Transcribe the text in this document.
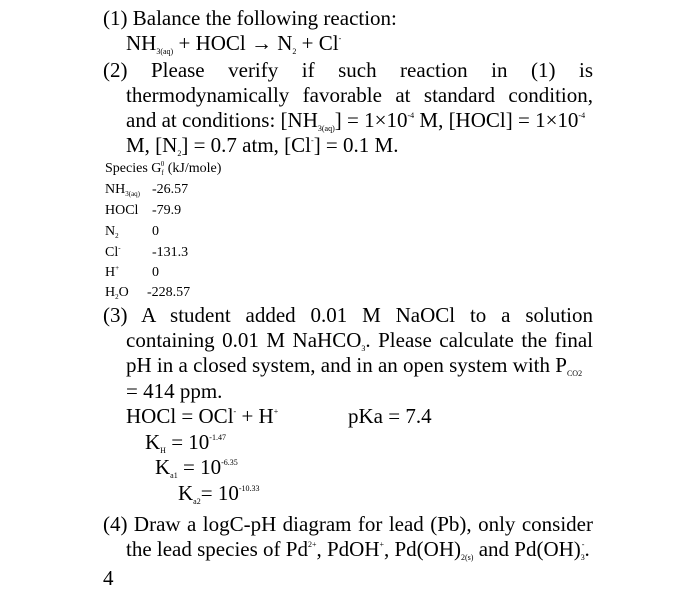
(1) Balance the following reaction:
$NH_{3(aq)}$ + HOCl → $N_2 + Cl^-$
(2) Please verify if such reaction in (1) is
thermodynamically favorable at standard condition,
and at conditions: $[NH_{3(aq)}] = 1\times 10^{-4}$ M, [HOCl] = $1\times 10^{-4}$
M, $[N_2] = 0.7$ atm, [Cl-] = 0.1 M.
Species $G_f^0$ (kJ/mole)
$NH_{3(aq)}$ -26.57
HOCl -79.9
$N_2$ 0
Cl- -131.3
H+ 0
$H_2O$ -228.57
(3) A student added 0.01 M NaOCl to a solution
containing 0.01 M NaHCO$_3$. Please calculate the final
pH in a closed system, and in an open system with $P_{CO2}$
= 414 ppm.
HOCl = OCl- + H+	pKa = 7.4
$K_H = 10^{-1.47}$
$K_{a1} = 10^{-6.35}$
$K_{a2}= 10^{-10.33}$
(4) Draw a logC-pH diagram for lead (Pb), only consider
the lead species of $Pd^{2+}$, PdOH+, $Pd(OH)_{2(s)}$ and $Pd(OH)_3^-$.
4
